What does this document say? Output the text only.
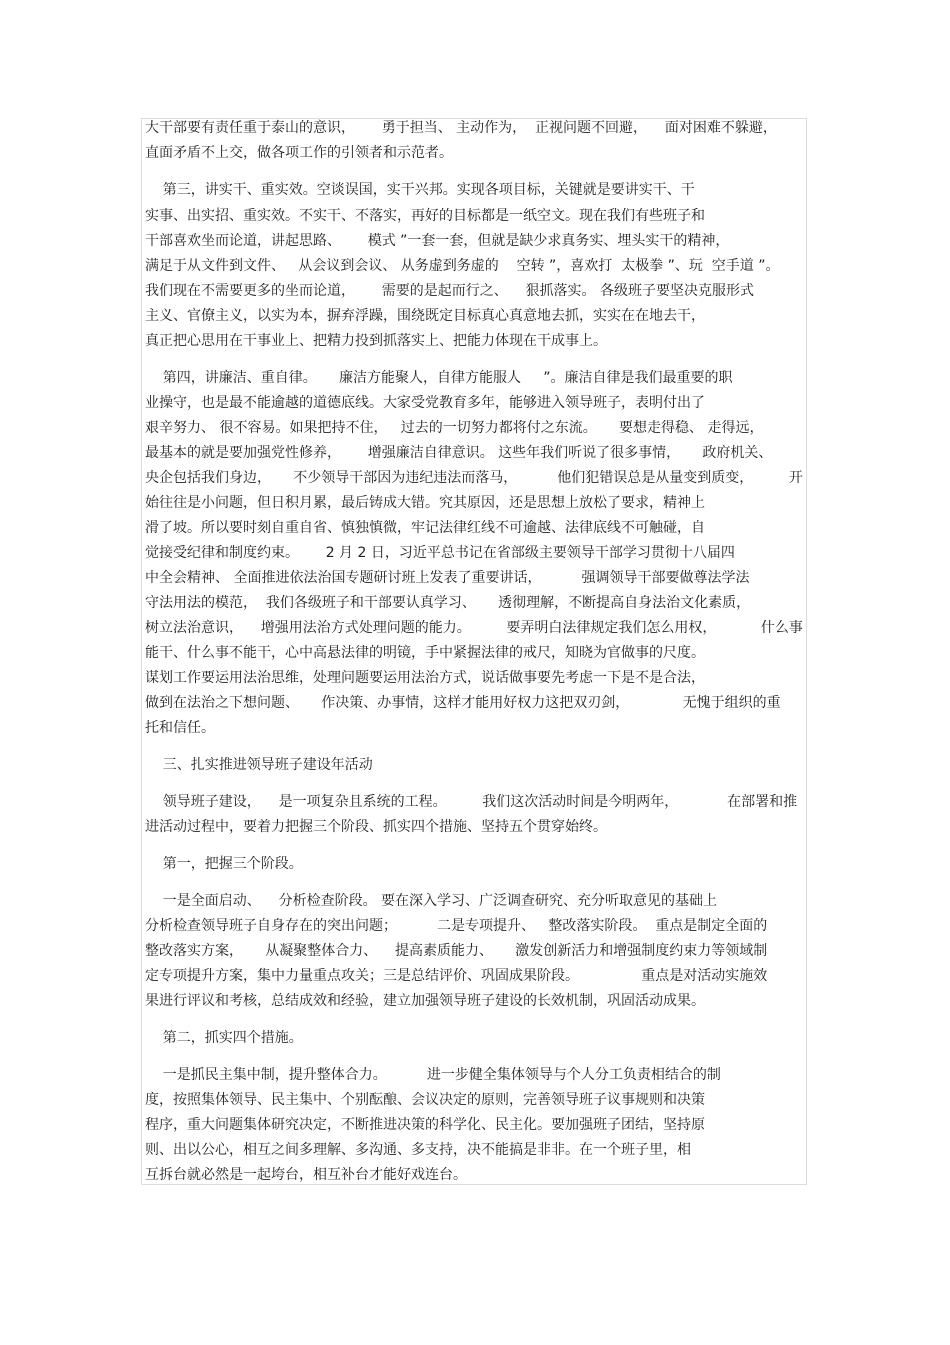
大干部要有责任重于泰山的意识，      勇于担当、 主动作为，  正视问题不回避，    面对困难不躲避，
直面矛盾不上交，做各项工作的引领者和示范者。
第三，讲实干、重实效。空谈误国，实干兴邦。实现各项目标，关键就是要讲实干、干
实事、出实招、重实效。不实干、不落实，再好的目标都是一纸空文。现在我们有些班子和
干部喜欢坐而论道，讲起思路、      模式 ”一套一套，但就是缺少求真务实、埋头实干的精神，
满足于从文件到文件、   从会议到会议、 从务虚到务虚的    空转 ”，喜欢打  太极拳 ”、玩  空手道 ”。
我们现在不需要更多的坐而论道，      需要的是起而行之、    狠抓落实。 各级班子要坚决克服形式
主义、官僚主义，以实为本，摒弃浮躁，围绕既定目标真心真意地去抓，实实在在地去干，
真正把心思用在干事业上、把精力投到抓落实上、把能力体现在干成事上。
第四，讲廉洁、重自律。     廉洁方能聚人，自律方能服人     ”。廉洁自律是我们最重要的职
业操守，也是最不能逾越的道德底线。大家受党教育多年，能够进入领导班子，表明付出了
艰辛努力、 很不容易。如果把持不住，   过去的一切努力都将付之东流。     要想走得稳、 走得远，
最基本的就是要加强党性修养，      增强廉洁自律意识。 这些年我们听说了很多事情，     政府机关、
央企包括我们身边，     不少领导干部因为违纪违法而落马，         他们犯错误总是从量变到质变，        开
始往往是小问题，但日积月累，最后铸成大错。究其原因，还是思想上放松了要求，精神上
滑了坡。所以要时刻自重自省、慎独慎微，牢记法律红线不可逾越、法律底线不可触碰，自
觉接受纪律和制度约束。      2 月 2 日，习近平总书记在省部级主要领导干部学习贯彻十八届四
中全会精神、 全面推进依法治国专题研讨班上发表了重要讲话，         强调领导干部要做尊法学法
守法用法的模范，  我们各级班子和干部要认真学习、     透彻理解，不断提高自身法治文化素质，
树立法治意识，    增强用法治方式处理问题的能力。        要弄明白法律规定我们怎么用权，          什么事
能干、什么事不能干，心中高悬法律的明镜，手中紧握法律的戒尺，知晓为官做事的尺度。
谋划工作要运用法治思维，处理问题要运用法治方式，说话做事要先考虑一下是不是合法，
做到在法治之下想问题、     作决策、办事情，这样才能用好权力这把双刃剑，            无愧于组织的重
托和信任。
三、扎实推进领导班子建设年活动
领导班子建设，    是一项复杂且系统的工程。        我们这次活动时间是今明两年，           在部署和推
进活动过程中，要着力把握三个阶段、抓实四个措施、坚持五个贯穿始终。
第一，把握三个阶段。
一是全面启动、    分析检查阶段。 要在深入学习、广泛调查研究、充分听取意见的基础上
分析检查领导班子自身存在的突出问题；         二是专项提升、   整改落实阶段。  重点是制定全面的
整改落实方案，     从凝聚整体合力、    提高素质能力、     激发创新活力和增强制度约束力等领域制
定专项提升方案，集中力量重点攻关；三是总结评价、巩固成果阶段。              重点是对活动实施效
果进行评议和考核，总结成效和经验，建立加强领导班子建设的长效机制，巩固活动成果。
第二，抓实四个措施。
一是抓民主集中制，提升整体合力。         进一步健全集体领导与个人分工负责相结合的制
度，按照集体领导、民主集中、个别酝酿、会议决定的原则，完善领导班子议事规则和决策
程序，重大问题集体研究决定，不断推进决策的科学化、民主化。要加强班子团结，坚持原
则、出以公心，相互之间多理解、多沟通、多支持，决不能搞是非非。在一个班子里，相
互拆台就必然是一起垮台，相互补台才能好戏连台。
